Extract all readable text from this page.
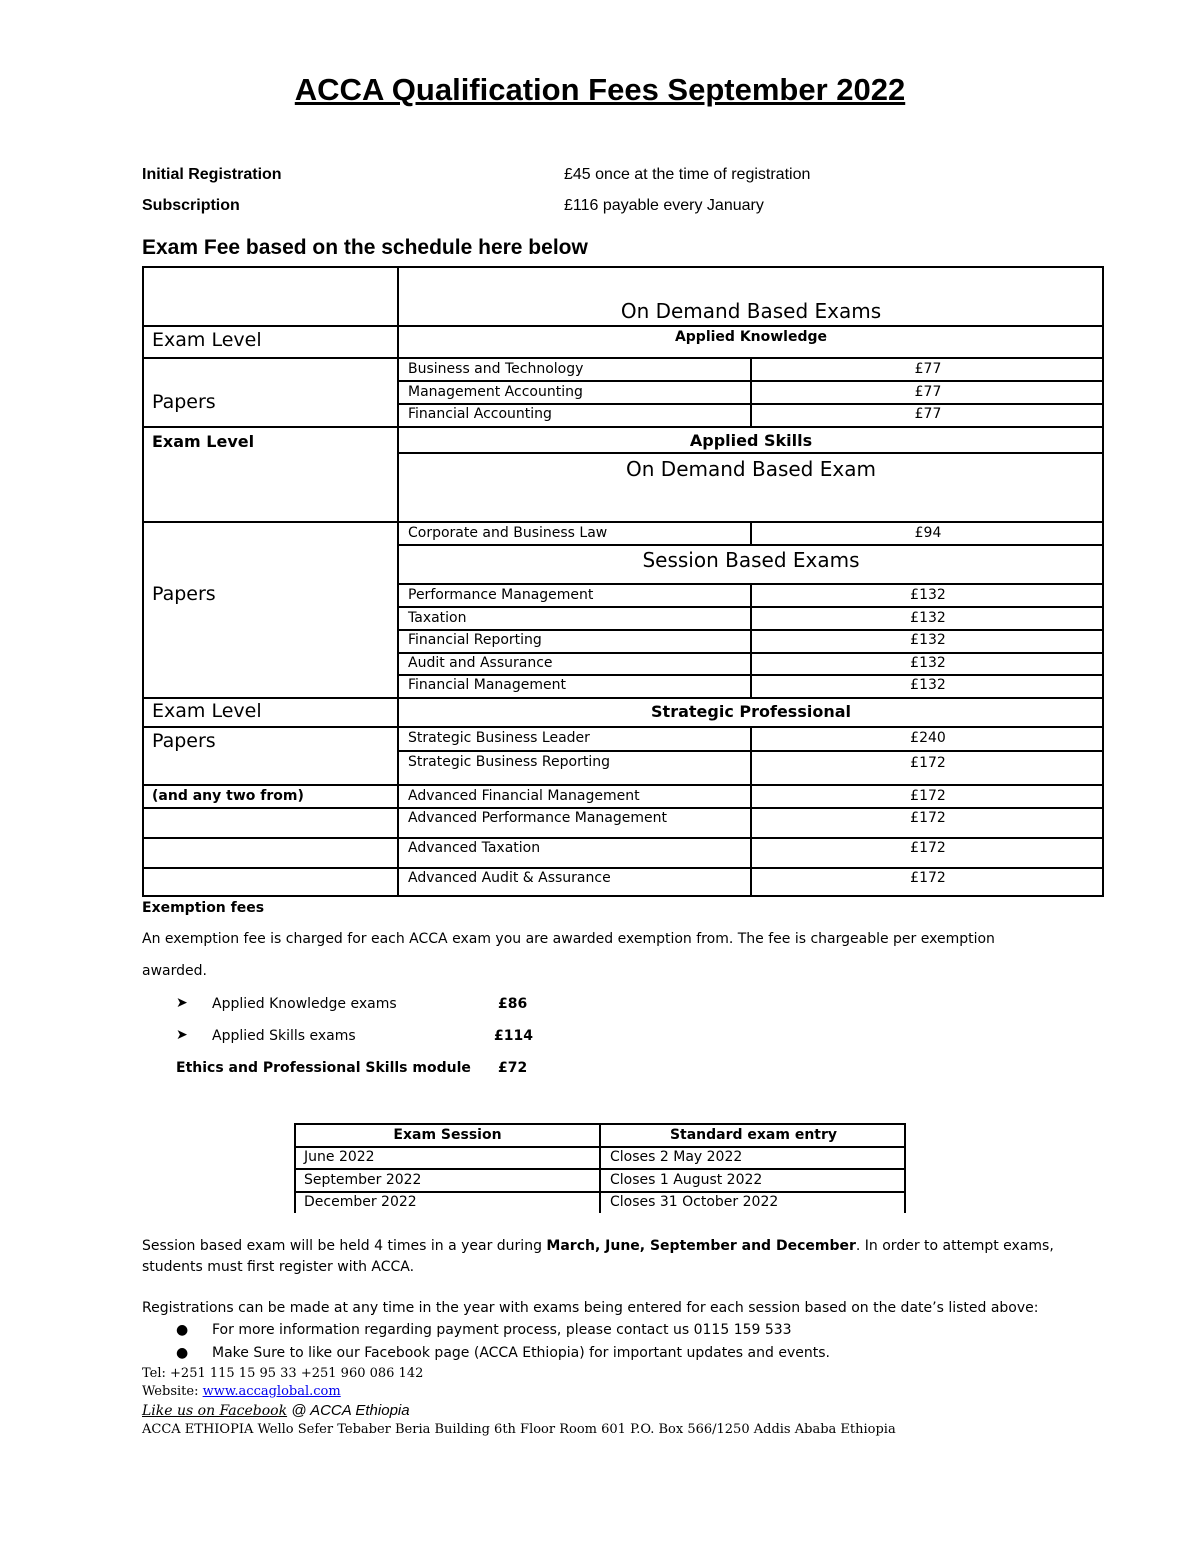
ACCA Qualification Fees September 2022
Initial Registration	£45 once at the time of registration
Subscription	£116 payable every January
Exam Fee based on the schedule here below
On Demand Based Exams
Exam Level	Applied Knowledge
Papers
Business and Technology	£77
Management Accounting	£77
Financial Accounting	£77
Exam Level	Applied Skills
On Demand Based Exam
Papers
Corporate and Business Law	£94
Session Based Exams
Performance Management	£132
Taxation	£132
Financial Reporting	£132
Audit and Assurance	£132
Financial Management	£132
Exam Level	Strategic Professional
Papers	Strategic Business Leader	£240
Strategic Business Reporting	£172
(and any two from)	Advanced Financial Management	£172
Advanced Performance Management	£172
Advanced Taxation	£172
Advanced Audit & Assurance	£172
Exemption fees
An exemption fee is charged for each ACCA exam you are awarded exemption from. The fee is chargeable per exemption
awarded.
➤ Applied Knowledge exams	£86
➤ Applied Skills exams	£114
Ethics and Professional Skills module £72
Exam Session	Standard exam entry
June 2022	Closes 2 May 2022
September 2022	Closes 1 August 2022
December 2022	Closes 31 October 2022
Session based exam will be held 4 times in a year during March, June, September and December. In order to attempt exams,
students must first register with ACCA.
Registrations can be made at any time in the year with exams being entered for each session based on the date’s listed above:
● For more information regarding payment process, please contact us 0115 159 533
● Make Sure to like our Facebook page (ACCA Ethiopia) for important updates and events.
Tel: +251 115 15 95 33 +251 960 086 142
Website: www.accaglobal.com
Like us on Facebook @ ACCA Ethiopia
ACCA ETHIOPIA Wello Sefer Tebaber Beria Building 6th Floor Room 601 P.O. Box 566/1250 Addis Ababa Ethiopia
